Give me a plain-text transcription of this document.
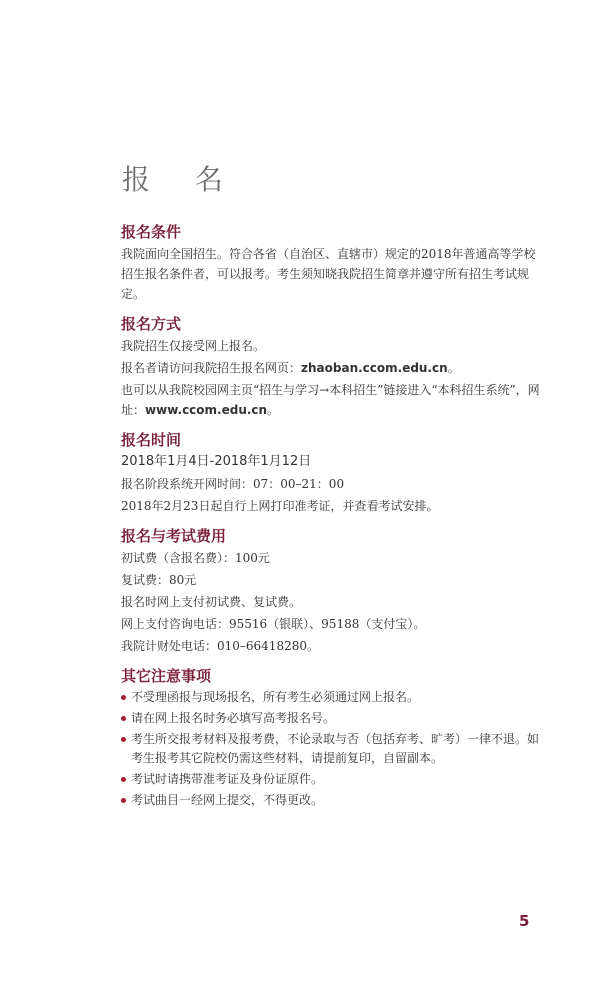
报 名
报名条件

我院面向全国招生。符合各省（自治区、直辖市）规定的2018年普通高等学校招生报名条件者，可以报考。考生须知晓我院招生简章并遵守所有招生考试规定。

报名方式

我院招生仅接受网上报名。

报名者请访问我院招生报名网页：zhaoban.ccom.edu.cn。

也可以从我院校园网主页“招生与学习→本科招生”链接进入“本科招生系统”，网址：www.ccom.edu.cn。

报名时间

2018年1月4日-2018年1月12日

报名阶段系统开网时间：07：00–21：00

2018年2月23日起自行上网打印准考证，并查看考试安排。

报名与考试费用

初试费（含报名费）：100元

复试费：80元

报名时网上支付初试费、复试费。

网上支付咨询电话：95516（银联）、95188（支付宝）。

我院计财处电话：010–66418280。

其它注意事项
不受理函报与现场报名，所有考生必须通过网上报名。
请在网上报名时务必填写高考报名号。
考生所交报考材料及报考费，不论录取与否（包括弃考、旷考）一律不退。如考生报考其它院校仍需这些材料，请提前复印，自留副本。
考试时请携带准考证及身份证原件。
考试曲目一经网上提交，不得更改。
5
